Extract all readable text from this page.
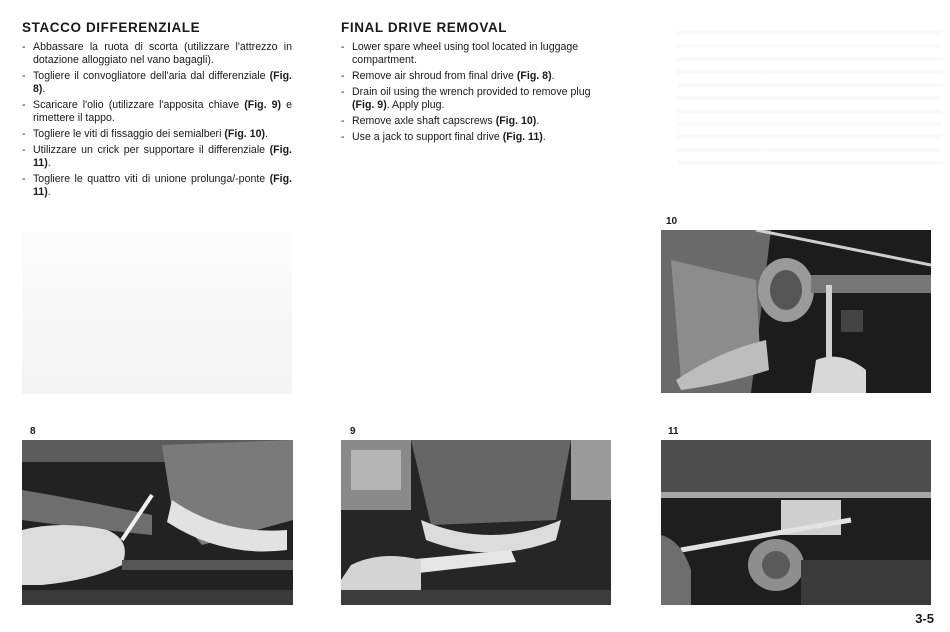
STACCO DIFFERENZIALE
- Abbassare la ruota di scorta (utilizzare l'attrezzo in dotazione alloggiato nel vano bagagli).
- Togliere il convogliatore dell'aria dal differenziale (Fig. 8).
- Scaricare l'olio (utilizzare l'apposita chiave (Fig. 9) e rimettere il tappo.
- Togliere le viti di fissaggio dei semialberi (Fig. 10).
- Utilizzare un crick per supportare il differenziale (Fig. 11).
- Togliere le quattro viti di unione prolunga/-ponte (Fig. 11).
FINAL DRIVE REMOVAL
- Lower spare wheel using tool located in luggage compartment.
- Remove air shroud from final drive (Fig. 8).
- Drain oil using the wrench provided to remove plug (Fig. 9). Apply plug.
- Remove axle shaft capscrews (Fig. 10).
- Use a jack to support final drive (Fig. 11).
10
8	9	11
3-5
